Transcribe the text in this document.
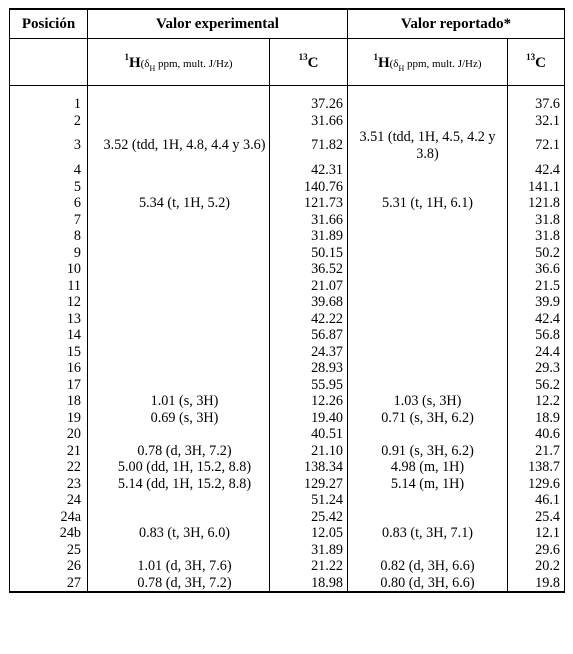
Posición	Valor experimental		Valor reportado*	
	$^1H(\delta_H$ ppm, mult. J/Hz)	$^{13}$C	$^1H(\delta_H$ ppm, mult. J/Hz)	$^{13}$C
1		37.26		37.6
2		31.66		32.1
3	3.52 (tdd, 1H, 4.8, 4.4 y 3.6)	71.82	3.51 (tdd, 1H, 4.5, 4.2 y 3.8)	72.1
4		42.31		42.4
5		140.76		141.1
6	5.34 (t, 1H, 5.2)	121.73	5.31 (t, 1H, 6.1)	121.8
7		31.66		31.8
8		31.89		31.8
9		50.15		50.2
10		36.52		36.6
11		21.07		21.5
12		39.68		39.9
13		42.22		42.4
14		56.87		56.8
15		24.37		24.4
16		28.93		29.3
17		55.95		56.2
18	1.01 (s, 3H)	12.26	1.03 (s, 3H)	12.2
19	0.69 (s, 3H)	19.40	0.71 (s, 3H, 6.2)	18.9
20		40.51		40.6
21	0.78 (d, 3H, 7.2)	21.10	0.91 (s, 3H, 6.2)	21.7
22	5.00 (dd, 1H, 15.2, 8.8)	138.34	4.98 (m, 1H)	138.7
23	5.14 (dd, 1H, 15.2, 8.8)	129.27	5.14 (m, 1H)	129.6
24		51.24		46.1
24a		25.42		25.4
24b	0.83 (t, 3H, 6.0)	12.05	0.83 (t, 3H, 7.1)	12.1
25		31.89		29.6
26	1.01 (d, 3H, 7.6)	21.22	0.82 (d, 3H, 6.6)	20.2
27	0.78 (d, 3H, 7.2)	18.98	0.80 (d, 3H, 6.6)	19.8
